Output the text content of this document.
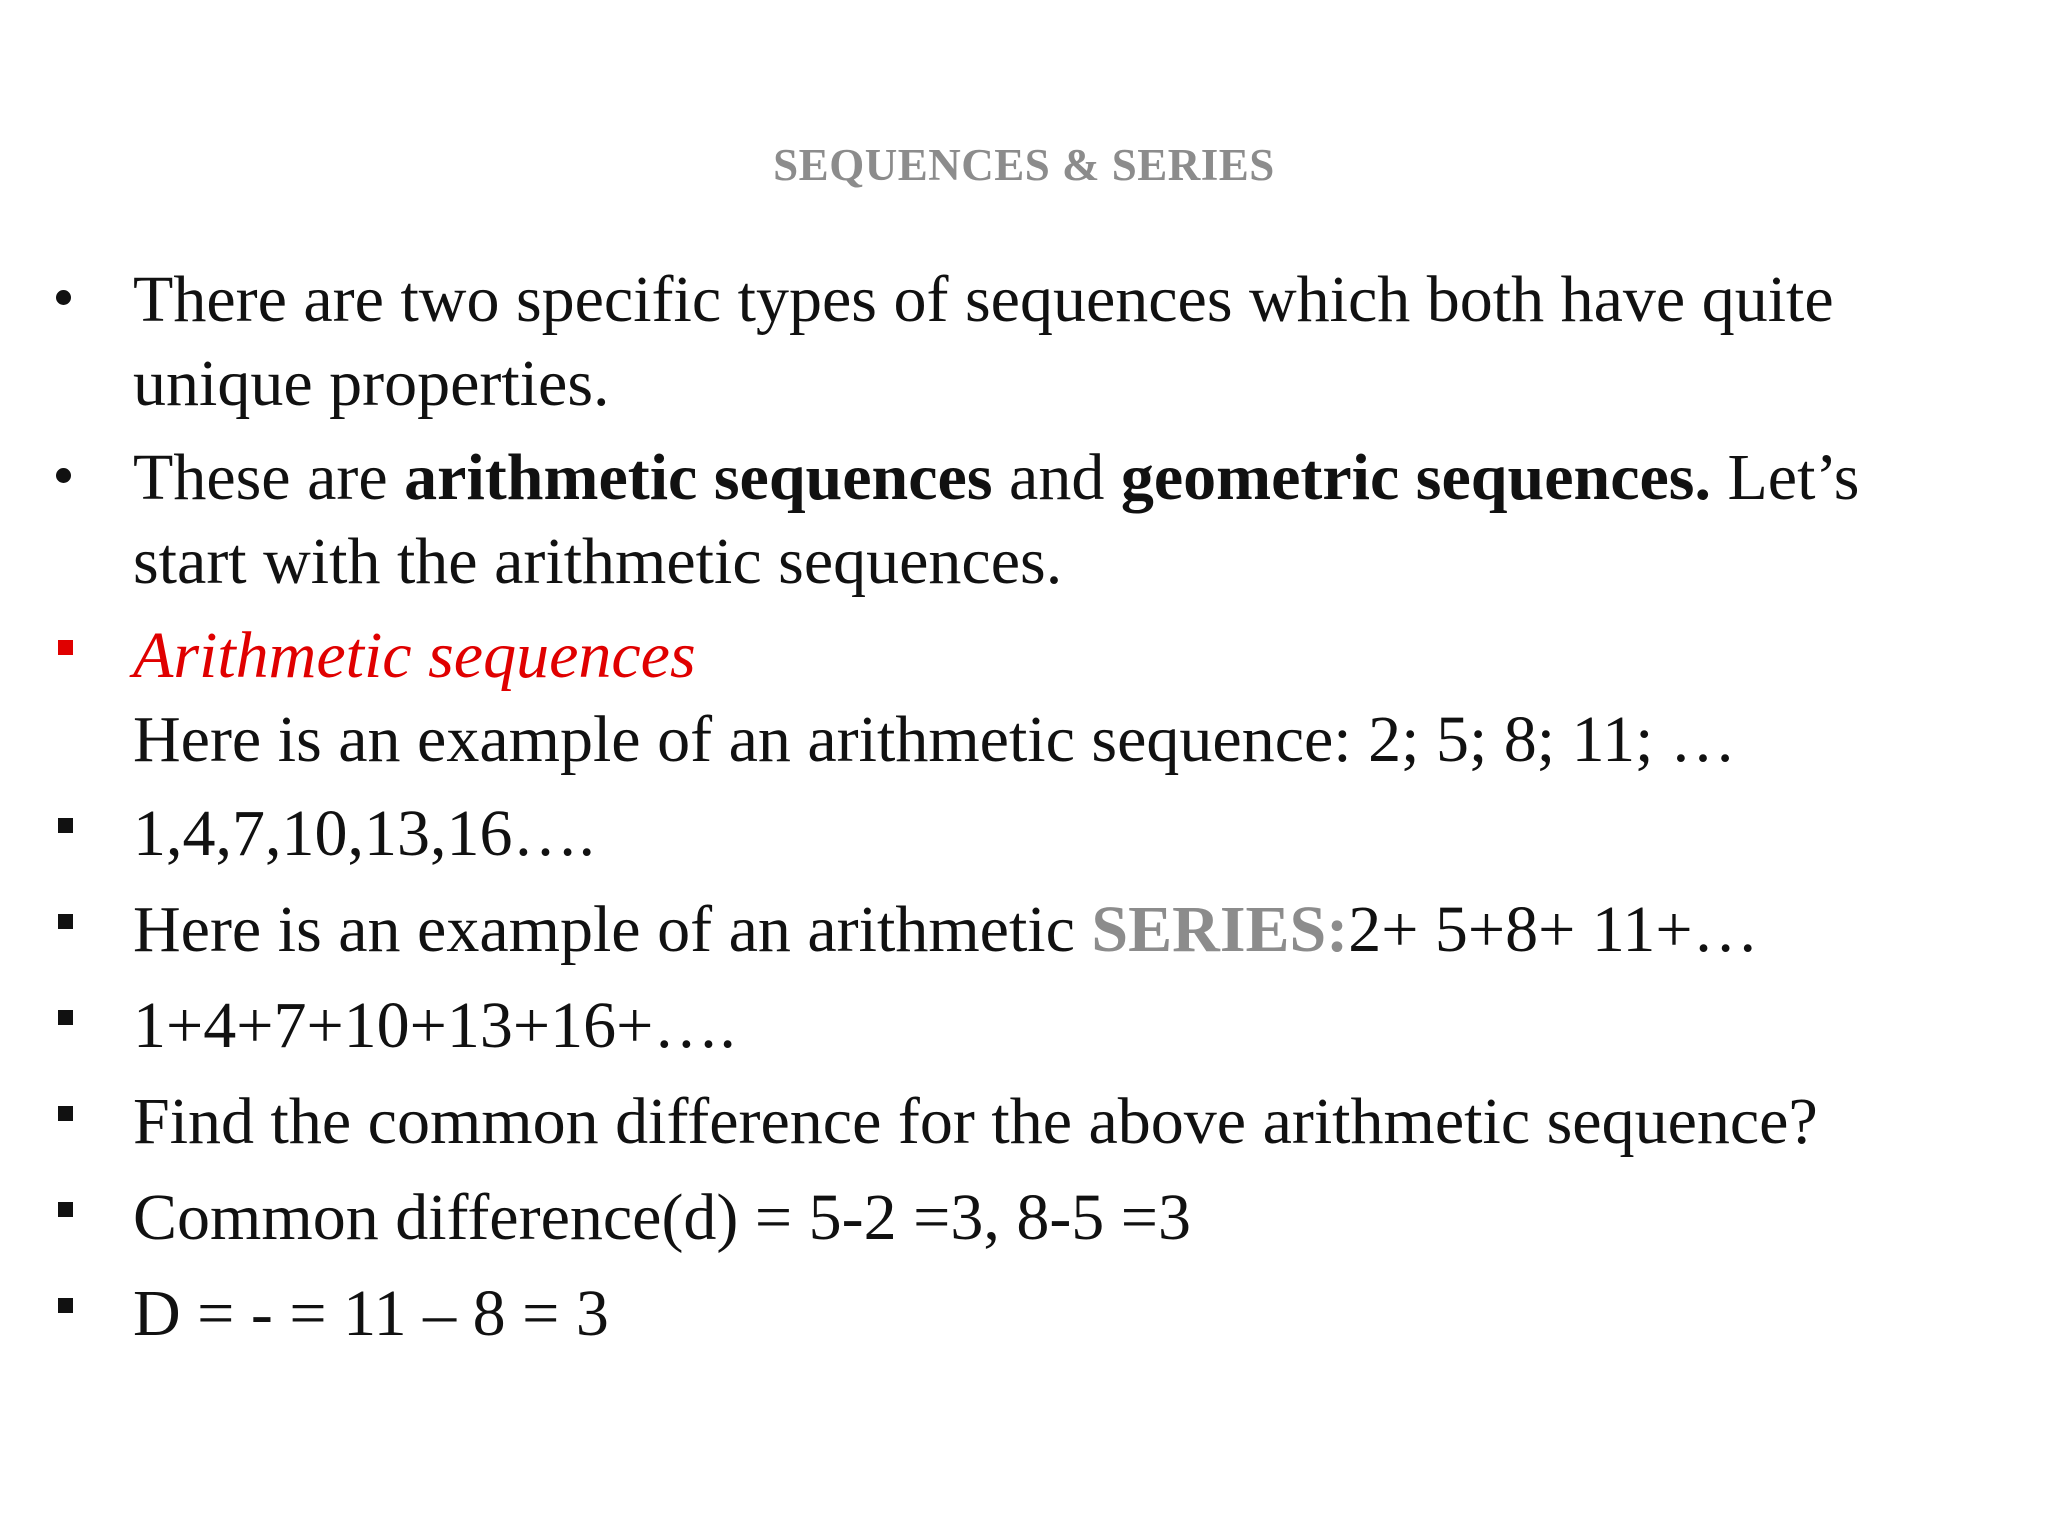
SEQUENCES & SERIES
There are two specific types of sequences which both have quite
unique properties.
These are arithmetic sequences and geometric sequences. Let’s
start with the arithmetic sequences.
Arithmetic sequences
Here is an example of an arithmetic sequence: 2; 5; 8; 11; …
1,4,7,10,13,16….
Here is an example of an arithmetic SERIES:2+ 5+8+ 11+…
1+4+7+10+13+16+….
Find the common difference for the above arithmetic sequence?
Common difference(d) = 5-2 =3, 8-5 =3
D = - = 11 – 8 = 3
